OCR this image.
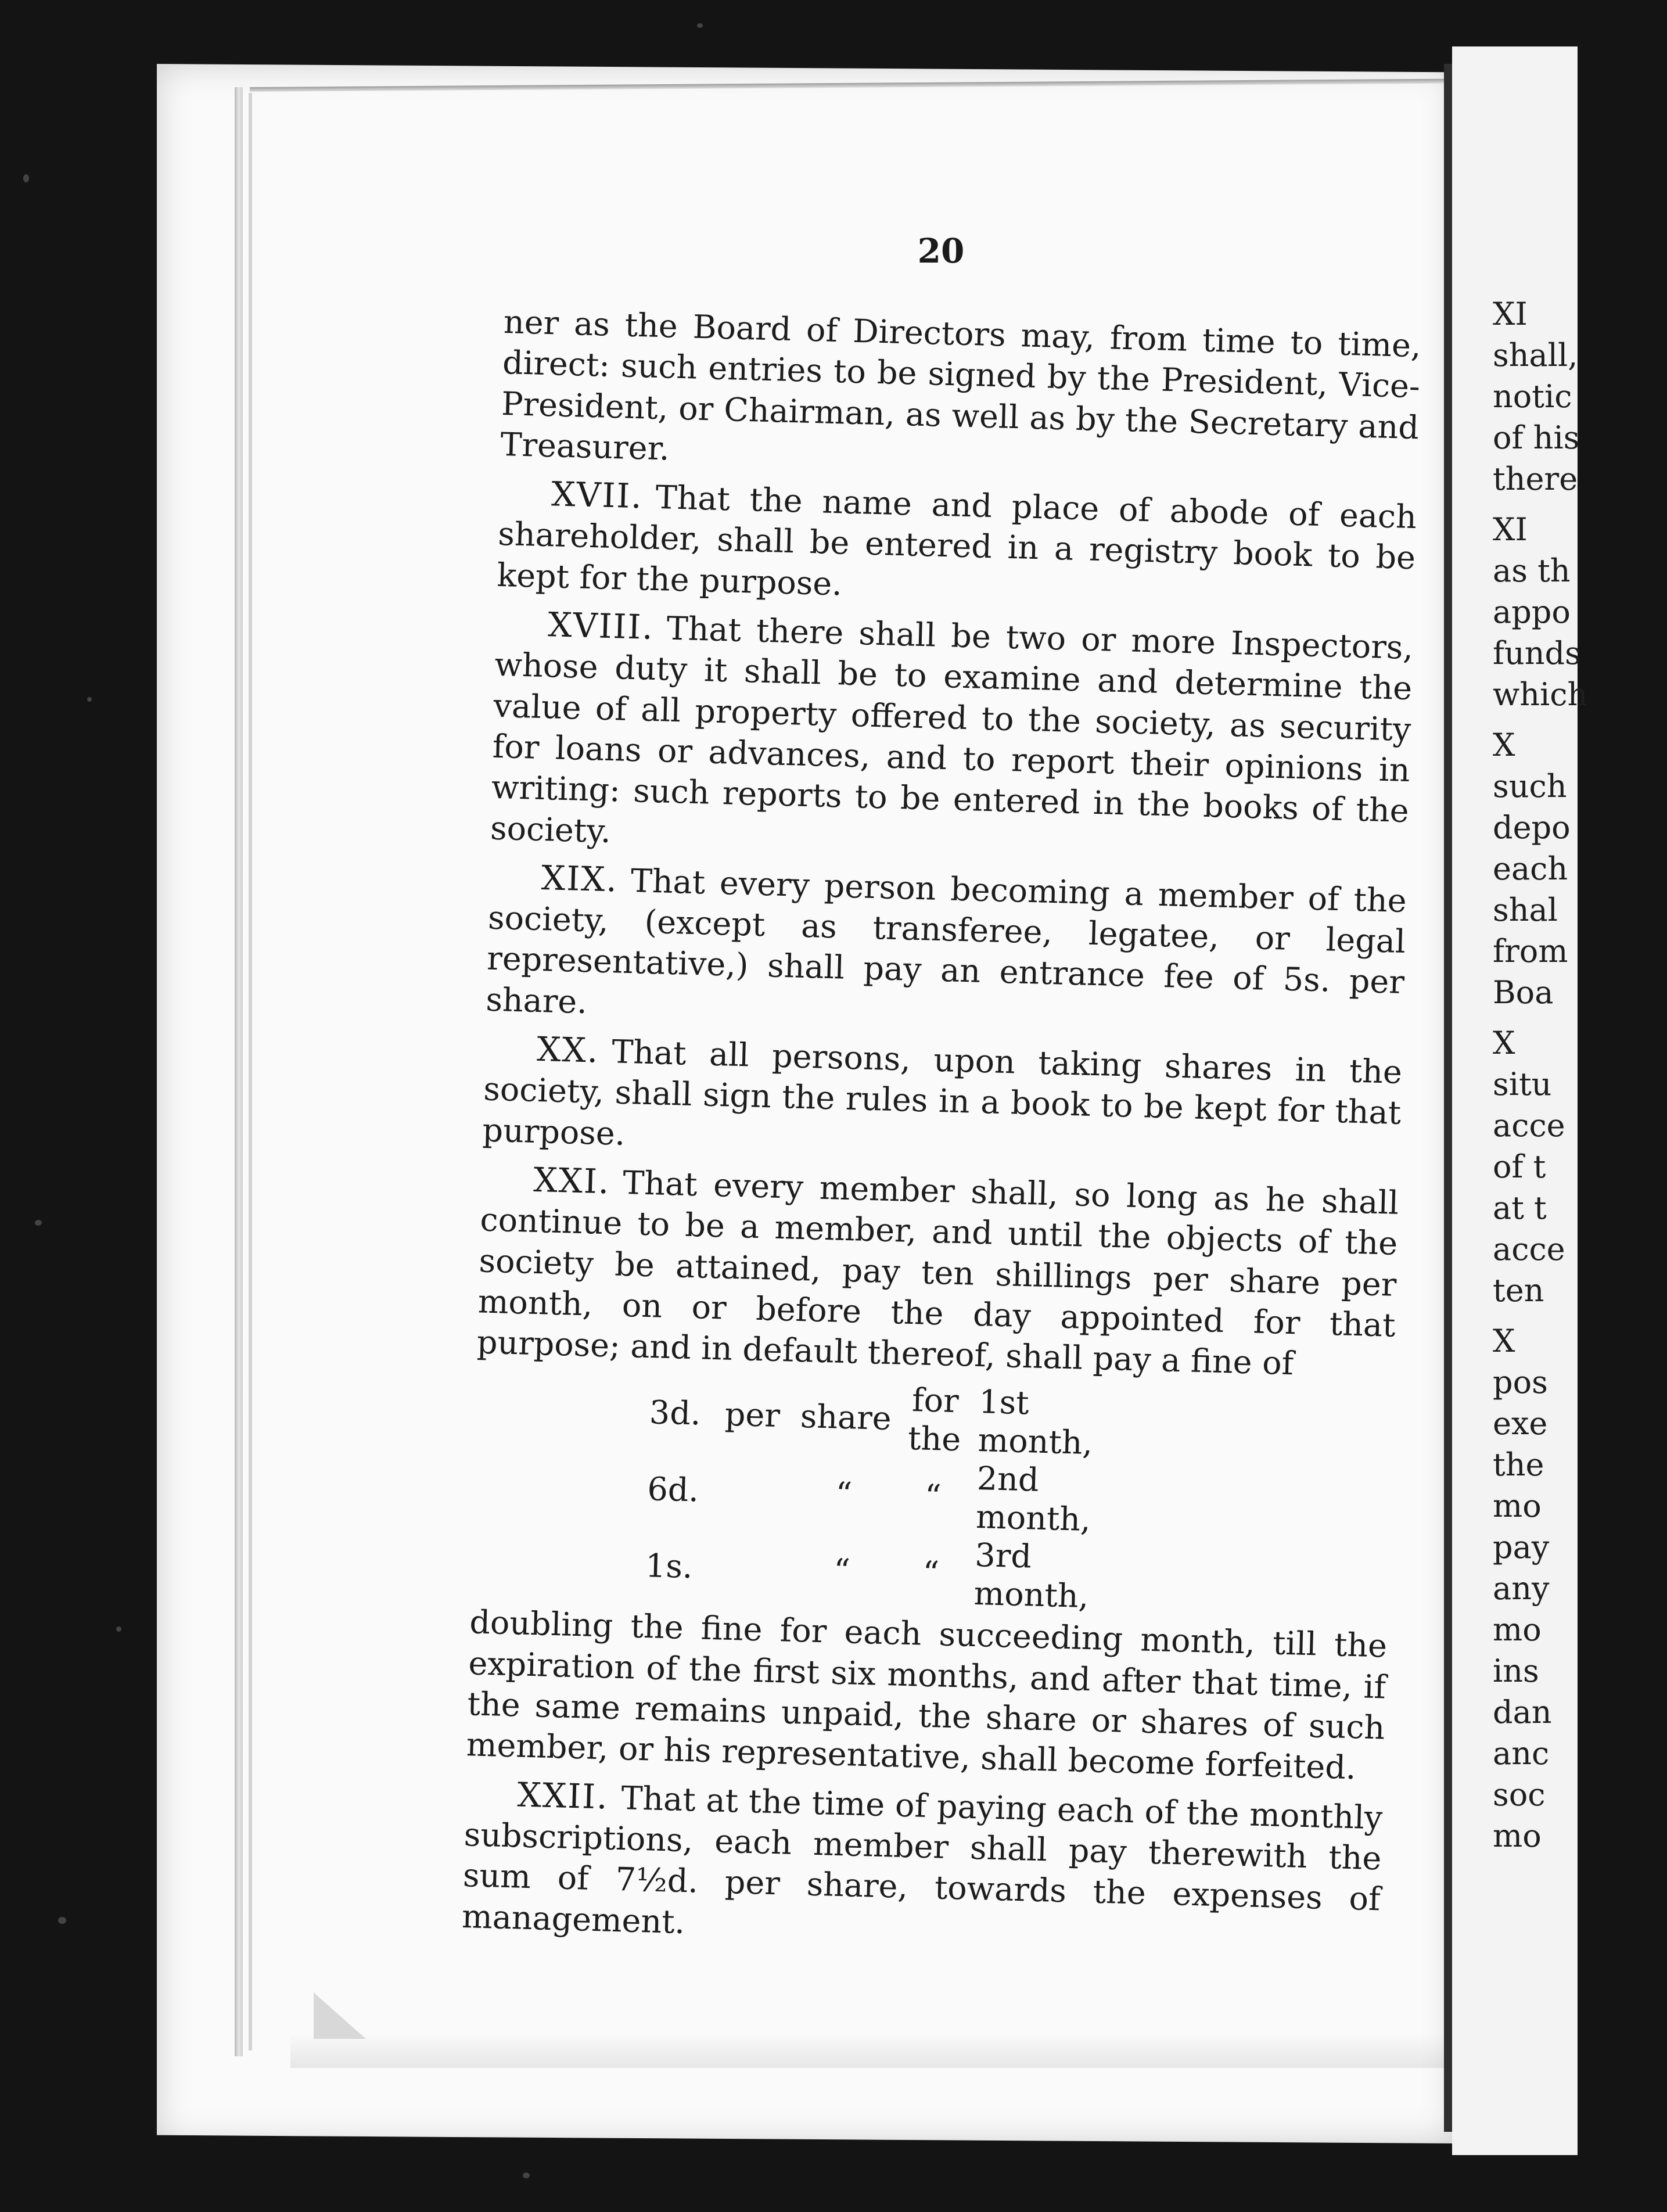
20

ner as the Board of Directors may, from time to time, direct: such entries to be signed by the President, Vice-President, or Chairman, as well as by the Secretary and Treasurer.

XVII. That the name and place of abode of each shareholder, shall be entered in a registry book to be kept for the purpose.

XVIII. That there shall be two or more Inspectors, whose duty it shall be to examine and determine the value of all property offered to the society, as security for loans or advances, and to report their opinions in writing: such reports to be entered in the books of the society.

XIX. That every person becoming a member of the society, (except as transferee, legatee, or legal representative,) shall pay an entrance fee of 5s. per share.

XX. That all persons, upon taking shares in the society, shall sign the rules in a book to be kept for that purpose.

XXI. That every member shall, so long as he shall continue to be a member, and until the objects of the society be attained, pay ten shillings per share per month, on or before the day appointed for that purpose; and in default thereof, shall pay a fine of

3d.	per	share	for the	1st month,
6d.		“	“	2nd month,
1s.		“	“	3rd month,

doubling the fine for each succeeding month, till the expiration of the first six months, and after that time, if the same remains unpaid, the share or shares of such member, or his representative, shall become forfeited.

XXII. That at the time of paying each of the monthly subscriptions, each member shall pay therewith the sum of 7½d. per share, towards the expenses of management.

XI
shall,
notic
of his
there

XI
as th
appo
funds
which

X
such
depo
each
shal
from
Boa

X
situ
acce
of t
at t
acce
ten

X
pos
exe
the
mo
pay
any
mo
ins
dan
anc
soc
mo
